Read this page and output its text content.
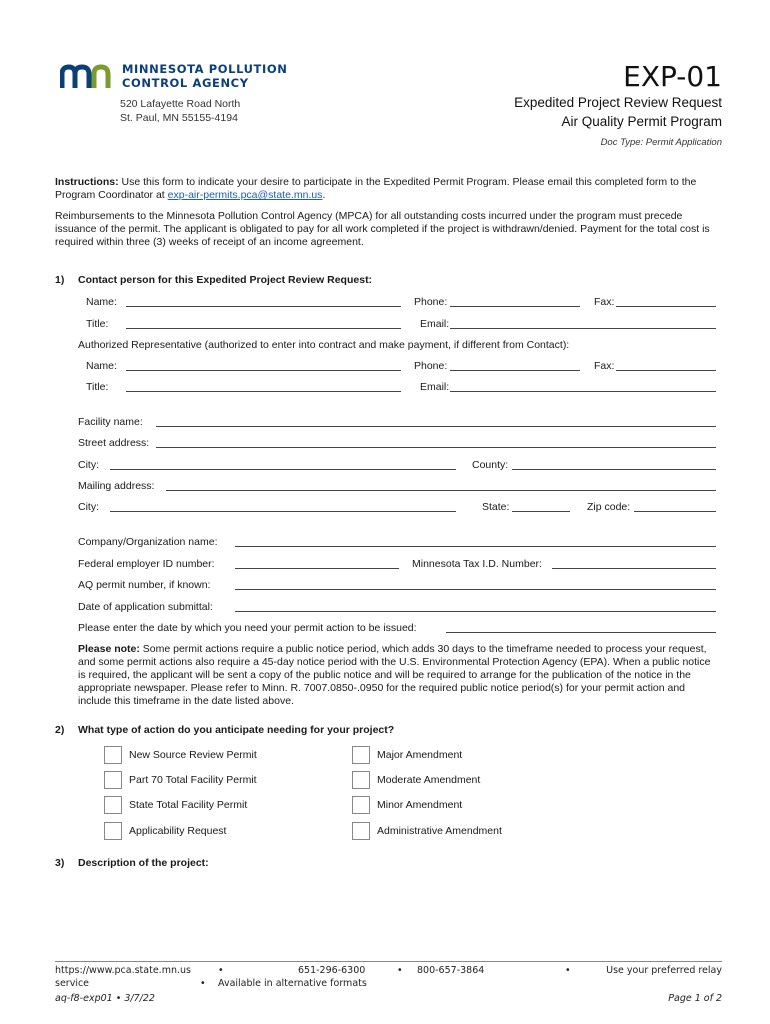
MINNESOTA POLLUTION
CONTROL AGENCY
520 Lafayette Road North
St. Paul, MN 55155-4194
EXP-01
Expedited Project Review Request
Air Quality Permit Program
Doc Type: Permit Application
Instructions: Use this form to indicate your desire to participate in the Expedited Permit Program. Please email this completed form to the Program Coordinator at exp-air-permits.pca@state.mn.us.
Reimbursements to the Minnesota Pollution Control Agency (MPCA) for all outstanding costs incurred under the program must precede issuance of the permit. The applicant is obligated to pay for all work completed if the project is withdrawn/denied. Payment for the total cost is required within three (3) weeks of receipt of an income agreement.
1) Contact person for this Expedited Project Review Request:
Name:	Phone:	Fax:
Title:	Email:
Authorized Representative (authorized to enter into contract and make payment, if different from Contact):
Name:	Phone:	Fax:
Title:	Email:
Facility name:
Street address:
City:	County:
Mailing address:
City:	State:	Zip code:
Company/Organization name:
Federal employer ID number:	Minnesota Tax I.D. Number:
AQ permit number, if known:
Date of application submittal:
Please enter the date by which you need your permit action to be issued:
Please note: Some permit actions require a public notice period, which adds 30 days to the timeframe needed to process your request, and some permit actions also require a 45-day notice period with the U.S. Environmental Protection Agency (EPA). When a public notice is required, the applicant will be sent a copy of the public notice and will be required to arrange for the publication of the notice in the appropriate newspaper. Please refer to Minn. R. 7007.0850-.0950 for the required public notice period(s) for your permit action and include this timeframe in the date listed above.
2) What type of action do you anticipate needing for your project?
New Source Review Permit
Part 70 Total Facility Permit
State Total Facility Permit
Applicability Request
Major Amendment
Moderate Amendment
Minor Amendment
Administrative Amendment
3) Description of the project:
https://www.pca.state.mn.us	•	651-296-6300	• 800-657-3864	•	Use your preferred relay
service	• Available in alternative formats
aq-f8-exp01 • 3/7/22	Page 1 of 2
